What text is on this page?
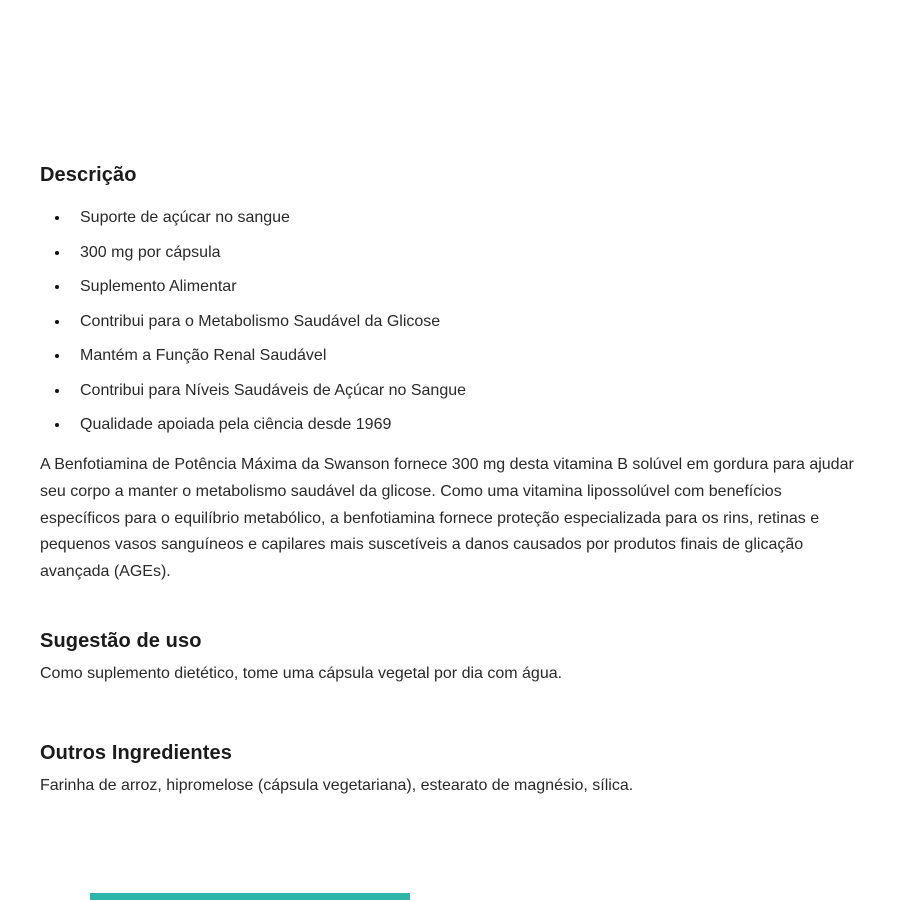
Descrição
• Suporte de açúcar no sangue
• 300 mg por cápsula
• Suplemento Alimentar
• Contribui para o Metabolismo Saudável da Glicose
• Mantém a Função Renal Saudável
• Contribui para Níveis Saudáveis de Açúcar no Sangue
• Qualidade apoiada pela ciência desde 1969

A Benfotiamina de Potência Máxima da Swanson fornece 300 mg desta vitamina B solúvel em gordura para ajudar seu corpo a manter o metabolismo saudável da glicose. Como uma vitamina lipossolúvel com benefícios específicos para o equilíbrio metabólico, a benfotiamina fornece proteção especializada para os rins, retinas e pequenos vasos sanguíneos e capilares mais suscetíveis a danos causados por produtos finais de glicação avançada (AGEs).

Sugestão de uso

Como suplemento dietético, tome uma cápsula vegetal por dia com água.

Outros Ingredientes

Farinha de arroz, hipromelose (cápsula vegetariana), estearato de magnésio, sílica.
